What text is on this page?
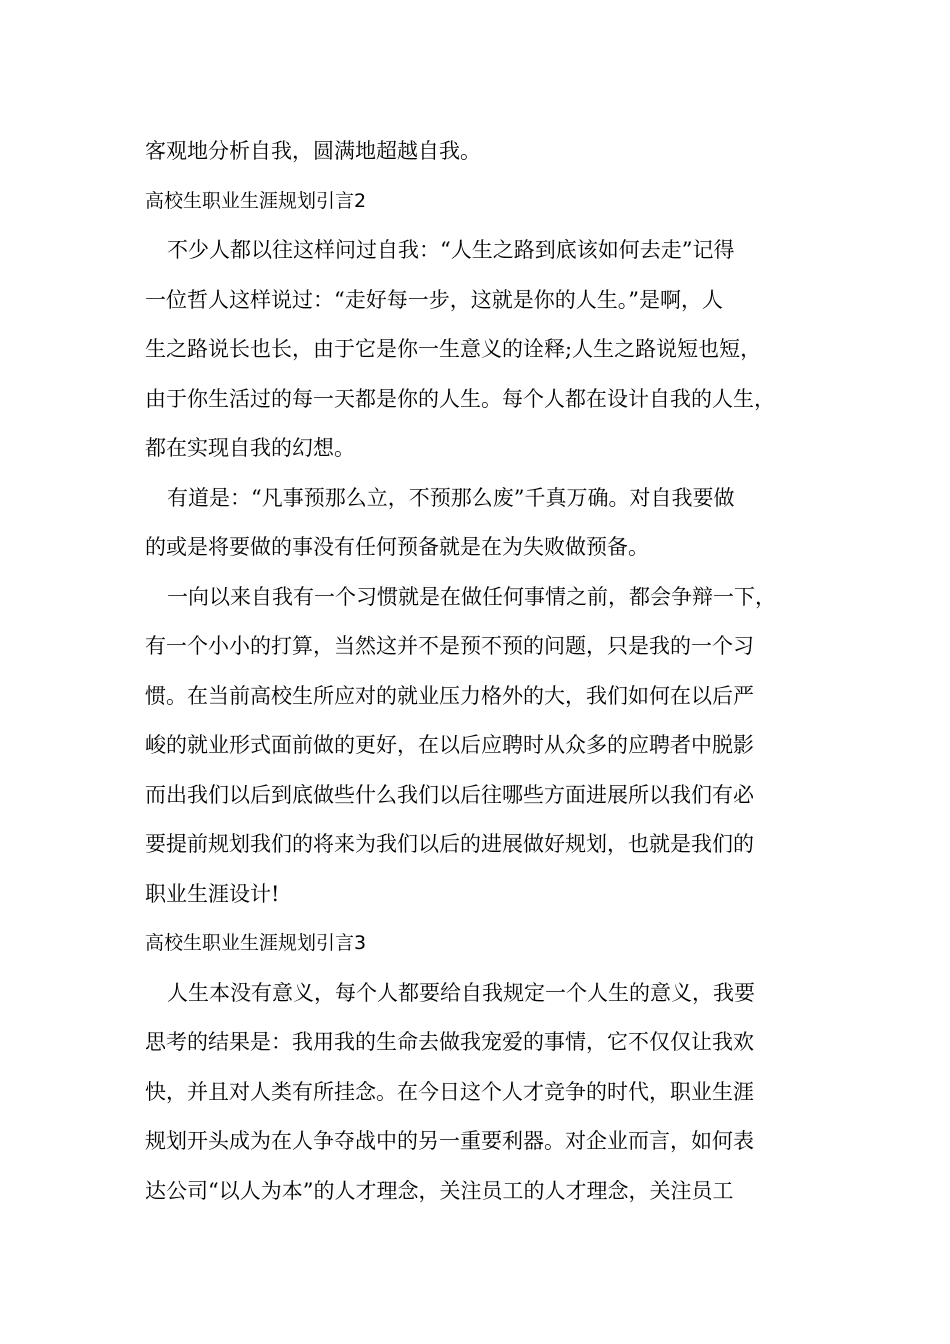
客观地分析自我，圆满地超越自我。
高校生职业生涯规划引言2
不少人都以往这样问过自我：“人生之路到底该如何去走”记得
一位哲人这样说过：“走好每一步，这就是你的人生。”是啊，人
生之路说长也长，由于它是你一生意义的诠释;人生之路说短也短，
由于你生活过的每一天都是你的人生。每个人都在设计自我的人生，
都在实现自我的幻想。
有道是：“凡事预那么立，不预那么废”千真万确。对自我要做
的或是将要做的事没有任何预备就是在为失败做预备。
一向以来自我有一个习惯就是在做任何事情之前，都会争辩一下，
有一个小小的打算，当然这并不是预不预的问题，只是我的一个习
惯。在当前高校生所应对的就业压力格外的大，我们如何在以后严
峻的就业形式面前做的更好，在以后应聘时从众多的应聘者中脱影
而出我们以后到底做些什么我们以后往哪些方面进展所以我们有必
要提前规划我们的将来为我们以后的进展做好规划，也就是我们的
职业生涯设计!
高校生职业生涯规划引言3
人生本没有意义，每个人都要给自我规定一个人生的意义，我要
思考的结果是：我用我的生命去做我宠爱的事情，它不仅仅让我欢
快，并且对人类有所挂念。在今日这个人才竞争的时代，职业生涯
规划开头成为在人争夺战中的另一重要利器。对企业而言，如何表
达公司“以人为本”的人才理念，关注员工的人才理念，关注员工
